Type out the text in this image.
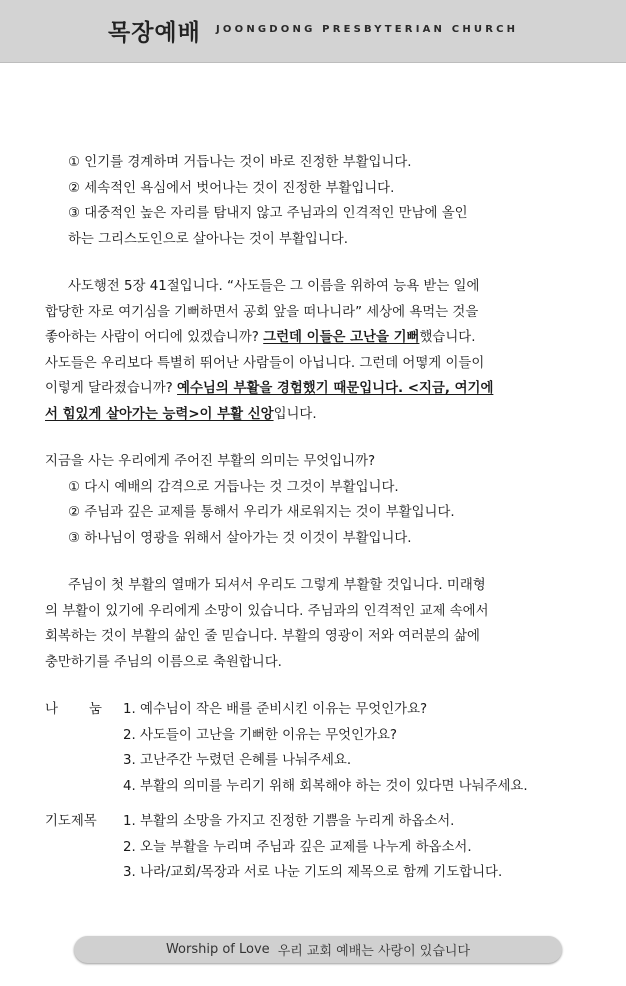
목장예배 JOONGDONG PRESBYTERIAN CHURCH
① 인기를 경계하며 거듭나는 것이 바로 진정한 부활입니다.
② 세속적인 욕심에서 벗어나는 것이 진정한 부활입니다.
③ 대중적인 높은 자리를 탐내지 않고 주님과의 인격적인 만남에 올인
하는 그리스도인으로 살아나는 것이 부활입니다.
사도행전 5장 41절입니다. “사도들은 그 이름을 위하여 능욕 받는 일에
합당한 자로 여기심을 기뻐하면서 공회 앞을 떠나니라” 세상에 욕먹는 것을
좋아하는 사람이 어디에 있겠습니까? 그런데 이들은 고난을 기뻐했습니다.
사도들은 우리보다 특별히 뛰어난 사람들이 아닙니다. 그런데 어떻게 이들이
이렇게 달라졌습니까? 예수님의 부활을 경험했기 때문입니다. <지금, 여기에
서 힘있게 살아가는 능력>이 부활 신앙입니다.
지금을 사는 우리에게 주어진 부활의 의미는 무엇입니까?
① 다시 예배의 감격으로 거듭나는 것 그것이 부활입니다.
② 주님과 깊은 교제를 통해서 우리가 새로워지는 것이 부활입니다.
③ 하나님이 영광을 위해서 살아가는 것 이것이 부활입니다.
주님이 첫 부활의 열매가 되셔서 우리도 그렇게 부활할 것입니다. 미래형
의 부활이 있기에 우리에게 소망이 있습니다. 주님과의 인격적인 교제 속에서
회복하는 것이 부활의 삶인 줄 믿습니다. 부활의 영광이 저와 여러분의 삶에
충만하기를 주님의 이름으로 축원합니다.
나 눔	1. 예수님이 작은 배를 준비시킨 이유는 무엇인가요?
2. 사도들이 고난을 기뻐한 이유는 무엇인가요?
3. 고난주간 누렸던 은혜를 나눠주세요.
4. 부활의 의미를 누리기 위해 회복해야 하는 것이 있다면 나눠주세요.
기도제목	1. 부활의 소망을 가지고 진정한 기쁨을 누리게 하옵소서.
2. 오늘 부활을 누리며 주님과 깊은 교제를 나누게 하옵소서.
3. 나라/교회/목장과 서로 나눈 기도의 제목으로 함께 기도합니다.
Worship of Love 우리 교회 예배는 사랑이 있습니다
